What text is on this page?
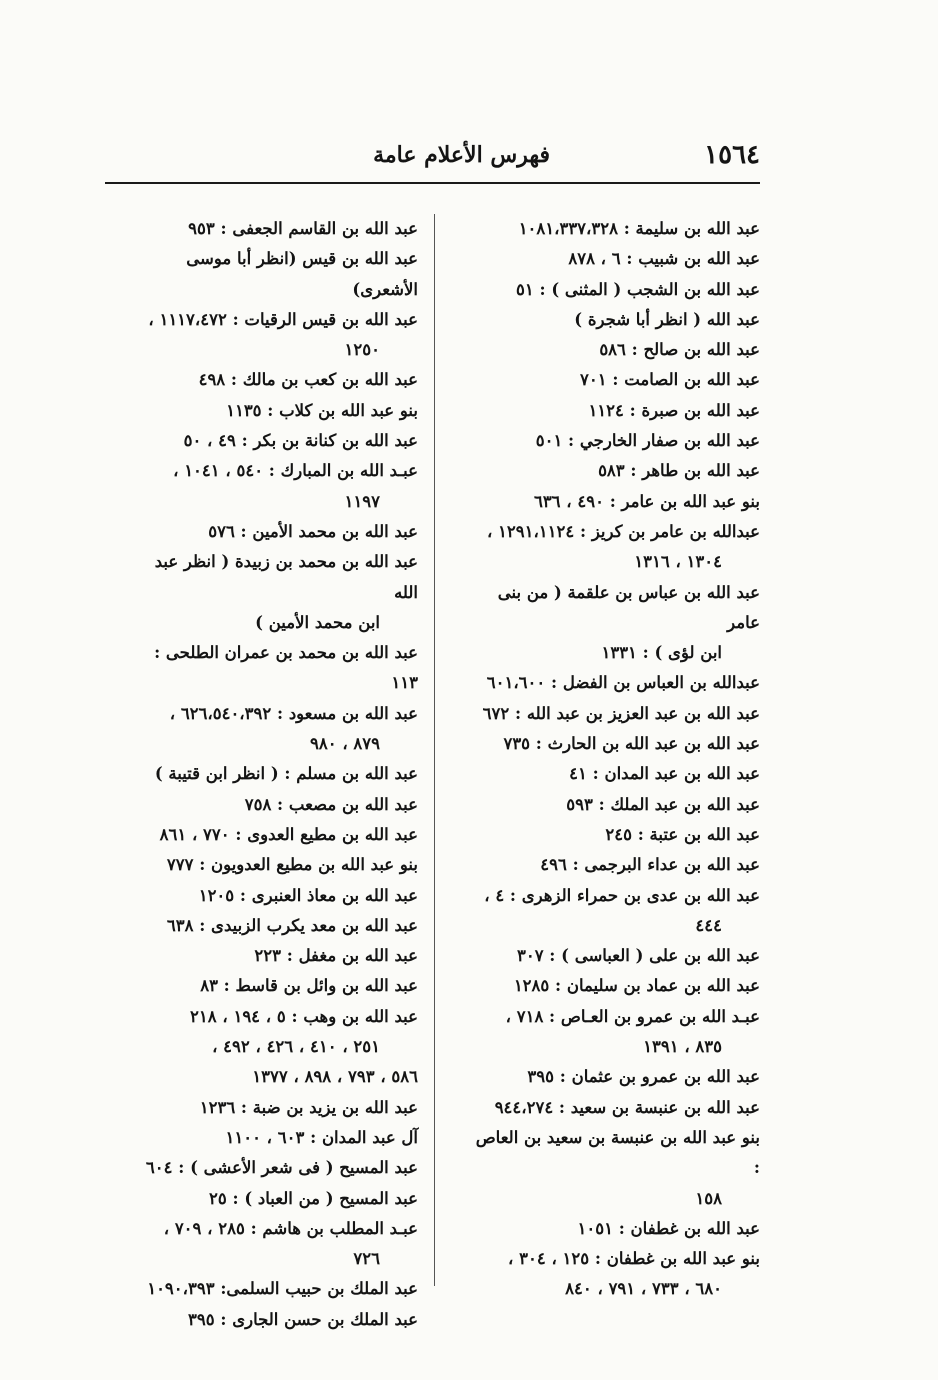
١٥٦٤
فهرس الأعلام عامة
عبد الله بن سليمة : ١٠٨١،٣٣٧،٣٢٨
عبد الله بن شبيب : ٦ ، ٨٧٨
عبد الله بن الشجب ( المثنى ) : ٥١
عبد الله ( انظر أبا شجرة )
عبد الله بن صالح : ٥٨٦
عبد الله بن الصامت : ٧٠١
عبد الله بن صبرة : ١١٢٤
عبد الله بن صفار الخارجي : ٥٠١
عبد الله بن طاهر : ٥٨٣
بنو عبد الله بن عامر : ٤٩٠ ، ٦٣٦
عبدالله بن عامر بن كريز : ١٢٩١،١١٢٤ ،
١٣٠٤ ، ١٣١٦
عبد الله بن عباس بن علقمة ( من بنى عامر
ابن لؤى ) : ١٣٣١
عبدالله بن العباس بن الفضل : ٦٠١،٦٠٠
عبد الله بن عبد العزيز بن عبد الله : ٦٧٢
عبد الله بن عبد الله بن الحارث : ٧٣٥
عبد الله بن عبد المدان : ٤١
عبد الله بن عبد الملك : ٥٩٣
عبد الله بن عتبة : ٢٤٥
عبد الله بن عداء البرجمى : ٤٩٦
عبد الله بن عدى بن حمراء الزهرى : ٤ ،
٤٤٤
عبد الله بن على ( العباسى ) : ٣٠٧
عبد الله بن عماد بن سليمان : ١٢٨٥
عبـد الله بن عمرو بن العـاص : ٧١٨ ،
٨٣٥ ، ١٣٩١
عبد الله بن عمرو بن عثمان : ٣٩٥
عبد الله بن عنبسة بن سعيد : ٩٤٤،٢٧٤
بنو عبد الله بن عنبسة بن سعيد بن العاص :
١٥٨
عبد الله بن غطفان : ١٠٥١
بنو عبد الله بن غطفان : ١٢٥ ، ٣٠٤ ،
٦٨٠ ، ٧٣٣ ، ٧٩١ ، ٨٤٠
عبد الله بن القاسم الجعفى : ٩٥٣
عبد الله بن قيس (انظر أبا موسى الأشعرى)
عبد الله بن قيس الرقيات : ١١١٧،٤٧٢ ،
١٢٥٠
عبد الله بن كعب بن مالك : ٤٩٨
بنو عبد الله بن كلاب : ١١٣٥
عبد الله بن كنانة بن بكر : ٤٩ ، ٥٠
عبـد الله بن المبارك : ٥٤٠ ، ١٠٤١ ،
١١٩٧
عبد الله بن محمد الأمين : ٥٧٦
عبد الله بن محمد بن زبيدة ( انظر عبد الله
ابن محمد الأمين )
عبد الله بن محمد بن عمران الطلحى : ١١٣
عبد الله بن مسعود : ٦٢٦،٥٤٠،٣٩٢ ،
٨٧٩ ، ٩٨٠
عبد الله بن مسلم : ( انظر ابن قتيبة )
عبد الله بن مصعب : ٧٥٨
عبد الله بن مطيع العدوى : ٧٧٠ ، ٨٦١
بنو عبد الله بن مطيع العدويون : ٧٧٧
عبد الله بن معاذ العنبرى : ١٢٠٥
عبد الله بن معد يكرب الزبيدى : ٦٣٨
عبد الله بن مغفل : ٢٢٣
عبد الله بن وائل بن قاسط : ٨٣
عبد الله بن وهب : ٥ ، ١٩٤ ، ٢١٨
٢٥١ ، ٤١٠ ، ٤٢٦ ، ٤٩٢ ،
٥٨٦ ، ٧٩٣ ، ٨٩٨ ، ١٣٧٧
عبد الله بن يزيد بن ضبة : ١٢٣٦
آل عبد المدان : ٦٠٣ ، ١١٠٠
عبد المسيح ( فى شعر الأعشى ) : ٦٠٤
عبد المسيح ( من العباد ) : ٢٥
عبـد المطلب بن هاشم : ٢٨٥ ، ٧٠٩ ،
٧٢٦
عبد الملك بن حبيب السلمى: ١٠٩٠،٣٩٣
عبد الملك بن حسن الجارى : ٣٩٥
